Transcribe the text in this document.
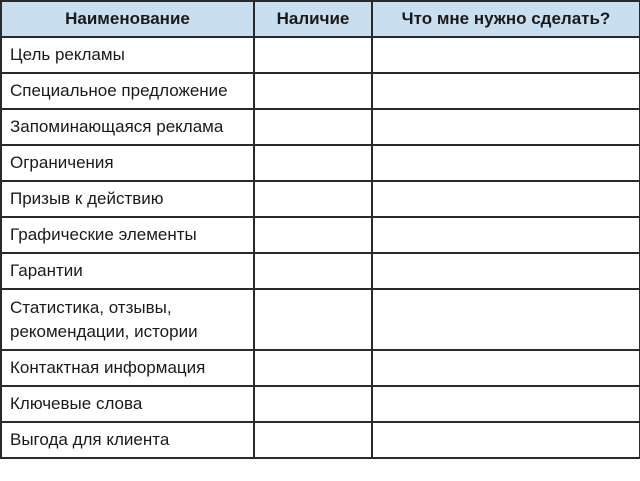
Наименование	Наличие	Что мне нужно сделать?
Цель рекламы		
Специальное предложение		
Запоминающаяся реклама		
Ограничения		
Призыв к действию		
Графические элементы		
Гарантии		
Статистика, отзывы, рекомендации, истории		
Контактная информация		
Ключевые слова		
Выгода для клиента		
